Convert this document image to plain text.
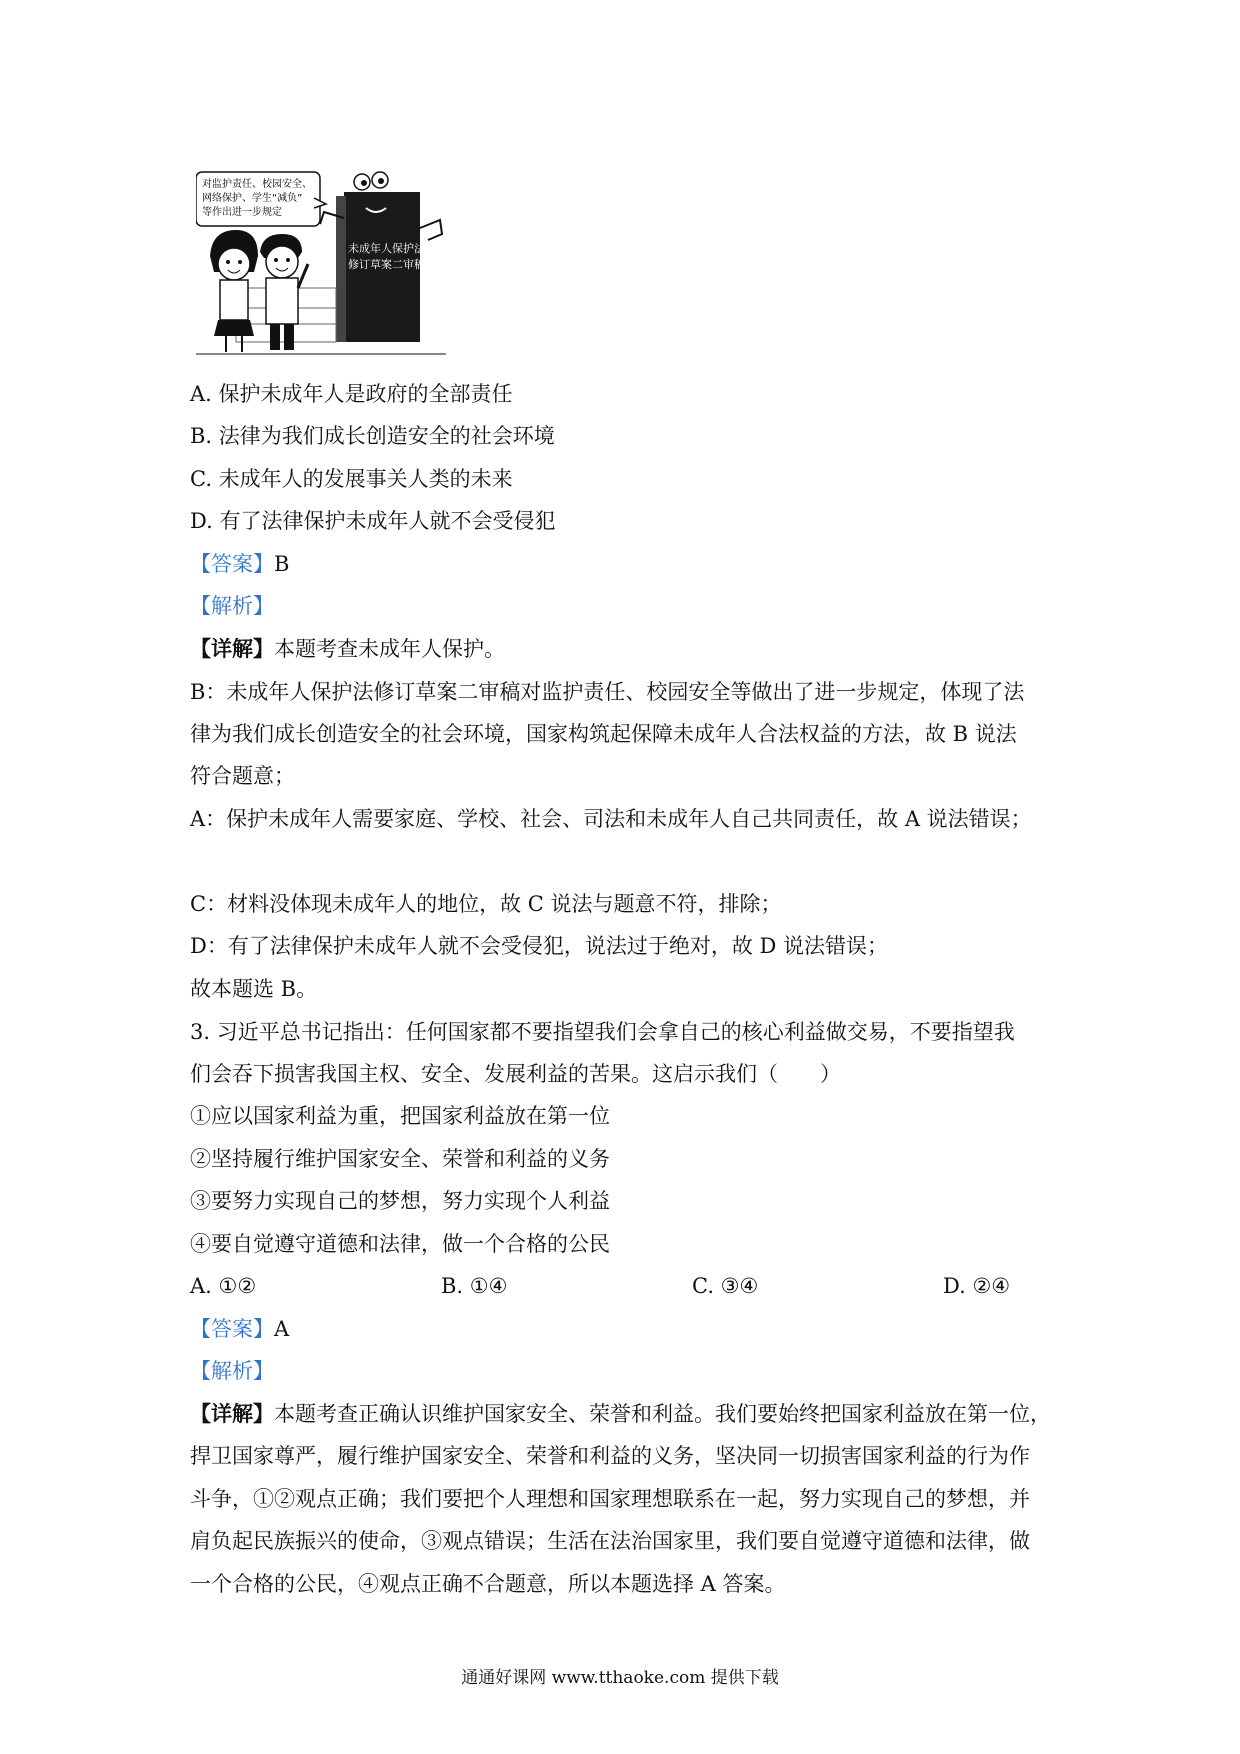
对监护责任、校园安全、
网络保护、学生“减负”
等作出进一步规定
未成年人保护法
修订草案二审稿
A. 保护未成年人是政府的全部责任
B. 法律为我们成长创造安全的社会环境
C. 未成年人的发展事关人类的未来
D. 有了法律保护未成年人就不会受侵犯
【答案】B
【解析】
【详解】本题考查未成年人保护。
B：未成年人保护法修订草案二审稿对监护责任、校园安全等做出了进一步规定，体现了法
律为我们成长创造安全的社会环境，国家构筑起保障未成年人合法权益的方法，故 B 说法
符合题意；
A：保护未成年人需要家庭、学校、社会、司法和未成年人自己共同责任，故 A 说法错误；
C：材料没体现未成年人的地位，故 C 说法与题意不符，排除；
D：有了法律保护未成年人就不会受侵犯，说法过于绝对，故 D 说法错误；
故本题选 B。
3. 习近平总书记指出：任何国家都不要指望我们会拿自己的核心利益做交易，不要指望我
们会吞下损害我国主权、安全、发展利益的苦果。这启示我们（　　）
①应以国家利益为重，把国家利益放在第一位
②坚持履行维护国家安全、荣誉和利益的义务
③要努力实现自己的梦想，努力实现个人利益
④要自觉遵守道德和法律，做一个合格的公民
A. ①②	B. ①④	C. ③④	D. ②④
【答案】A
【解析】
【详解】本题考查正确认识维护国家安全、荣誉和利益。我们要始终把国家利益放在第一位，
捍卫国家尊严，履行维护国家安全、荣誉和利益的义务，坚决同一切损害国家利益的行为作
斗争，①②观点正确；我们要把个人理想和国家理想联系在一起，努力实现自己的梦想，并
肩负起民族振兴的使命，③观点错误；生活在法治国家里，我们要自觉遵守道德和法律，做
一个合格的公民，④观点正确不合题意，所以本题选择 A 答案。
通通好课网 www.tthaoke.com 提供下载
